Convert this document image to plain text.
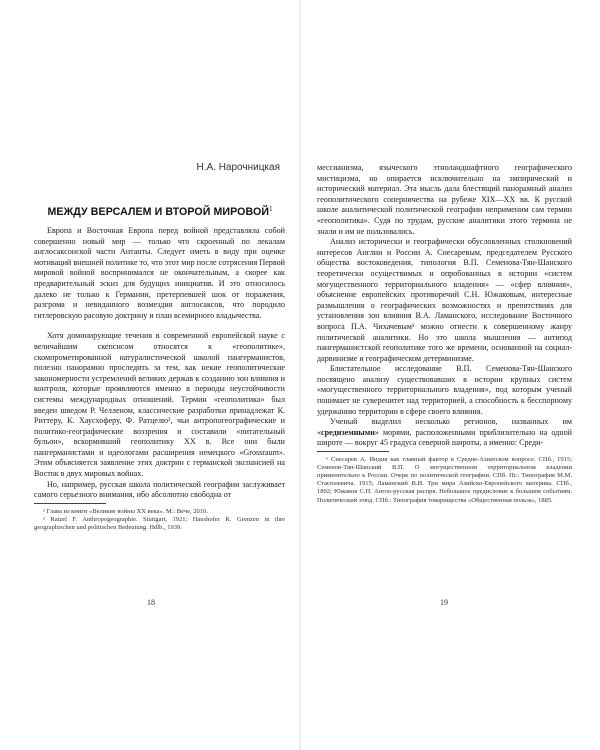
Н.А. Нарочницкая
МЕЖДУ ВЕРСАЛЕМ И ВТОРОЙ МИРОВОЙ$^1$

Европа и Восточная Европа перед войной представляла собой совершенно новый мир — только что скроенный по лекалам англосаксонской части Антанты. Следует иметь в виду при оценке мотиваций внешней политике то, что этот мир после сотрясения Первой мировой войной воспринимался не окончательным, а скорее как предварительный эскиз для будущих инициатив. И это относилось далеко не только к Германии, претерпевшей шок от поражения, разгрома и невиданного возмездия англосаксов, что породило гитлеровскую расовую доктрину и план всемирного владычества.

Хотя доминирующие течения в современной европейской науке с величайшим скепсисом относятся к «геополитике», скомпрометированной натуралистической школой пангерманистов, полезно панорамно проследить за тем, как некие геополитические закономерности устремлений великих держав к созданию зон влияния и контроля, которые проявляются именно в периоды неустойчивости системы международных отношений. Термин «геополитика» был введен шведом Р. Челленом, классические разработки принадлежат К. Риттеру, К. Хаусхоферу, Ф. Ратцелю², чьи антропогеографические и политико-географические воззрения и составили «питательный бульон», вскормивший геополитику XX в. Все они были пангерманистами и идеологами расширения немецкого «Grossraum». Этим объясняется заявление этих доктрин с германской экспансией на Восток в двух мировых войнах.

Но, например, русская школа политической географии заслуживает самого серьезного внимания, ибо абсолютно свободна от

¹ Глава из книги «Великие войны XX века». М.: Вече, 2010.

² Ratzel F. Anthropogeographie. Stuttgart, 1921; Haushofer K. Grenzen in ihre geographischen und politischen Bedeutung. Hdlb., 1939.

18

мессианизма, языческого этноландшафтного географического мистицизма, но опирается исключительно на эмпирический и исторический материал. Эта мысль дала блестящий панорамный анализ геополитического соперничества на рубеже XIX—XX вв. К русской школе аналитической политической географии неприменим сам термин «геополитика». Судя по трудам, русские аналитики этого термина не знали и им не пользовались.

Анализ исторически и географически обусловленных столкновений интересов Англии и России А. Снесаревым, председателем Русского общества востоковедения, типология В.П. Семенова-Тян-Шанского теоретически осуществимых и опробованных в истории «систем могущественного территориального владения» — «сфер влияния», объяснение европейских противоречий С.Н. Южаковым, интересные размышления о географических возможностях и препятствиях для установления зон влияния В.А. Ламанского, исследование Восточного вопроса П.А. Чихачевым¹ можно отнести к совершенному жанру политической аналитики. Но это школа мышления — антипод пангерманистской геополитике того же времени, основанной на социал-дарвинизме и географическом детерминизме.

Блистательное исследование В.П. Семенова-Тян-Шанского посвящено анализу существовавших в истории крупных систем «могущественного территориального владения», под которым ученый понимает не суверенитет над территорией, а способность к бесспорному удержанию территории в сфере своего влияния.

Ученый выделил несколько регионов, названных им «средиземными» морями, расположенными приблизительно на одной широте — вокруг 45 градуса северной широты, а именно: Среди-

¹ Снесарев А. Индия как главный фактор в Средне-Азиатском вопросе. СПб., 1915; Семенов-Тян-Шанский В.П. О могущественном территориальном владении применительно к России. Очерк по политической географии. СПб. Пг.: Типография М.М. Стасюлевича. 1915; Ламанский В.И. Три мира Азийско-Европейского материка. СПб., 1892; Южаков С.Н. Англо-русская распря. Небольшое предисловие к большим событиям. Политический этюд. СПб.: Типография товарищества «Общественная польза», 1885.

19
